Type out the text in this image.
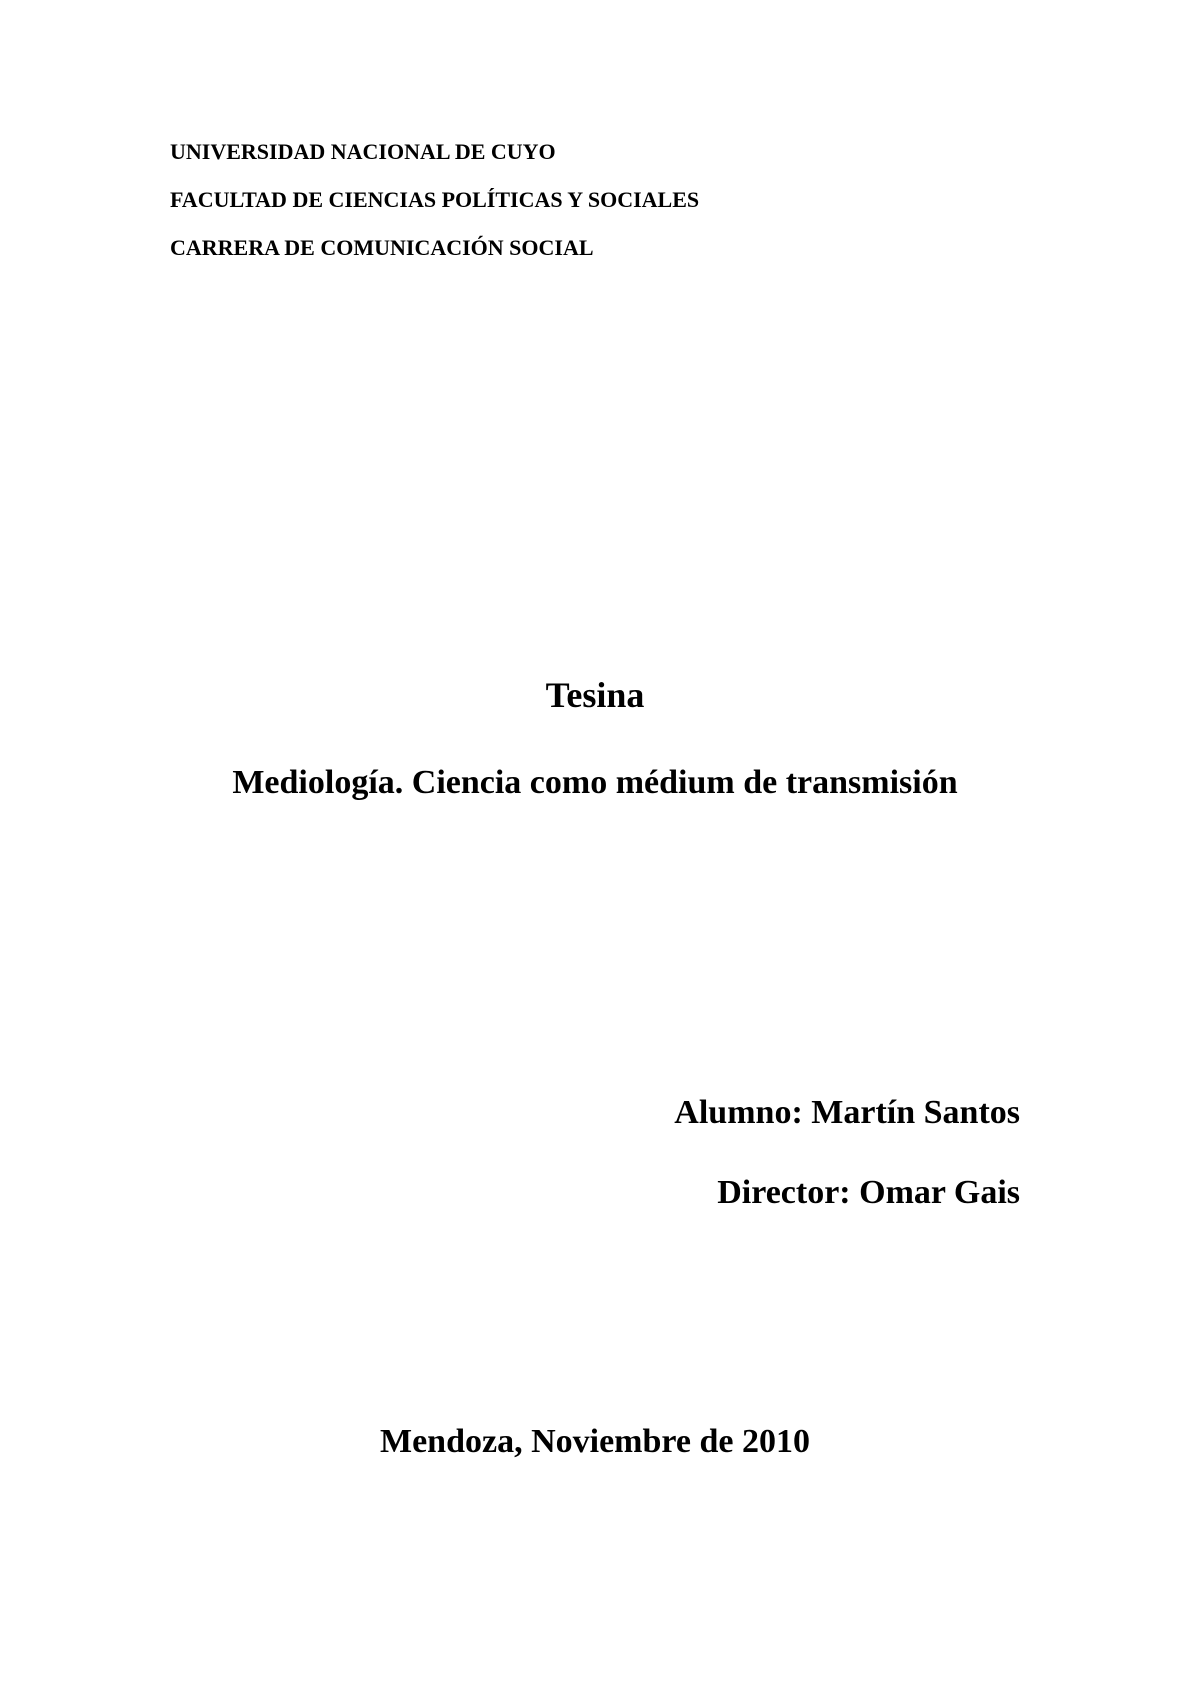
UNIVERSIDAD NACIONAL DE CUYO
FACULTAD DE CIENCIAS POLÍTICAS Y SOCIALES
CARRERA DE COMUNICACIÓN SOCIAL
Tesina
Mediología. Ciencia como médium de transmisión
Alumno: Martín Santos
Director: Omar Gais
Mendoza, Noviembre de 2010
